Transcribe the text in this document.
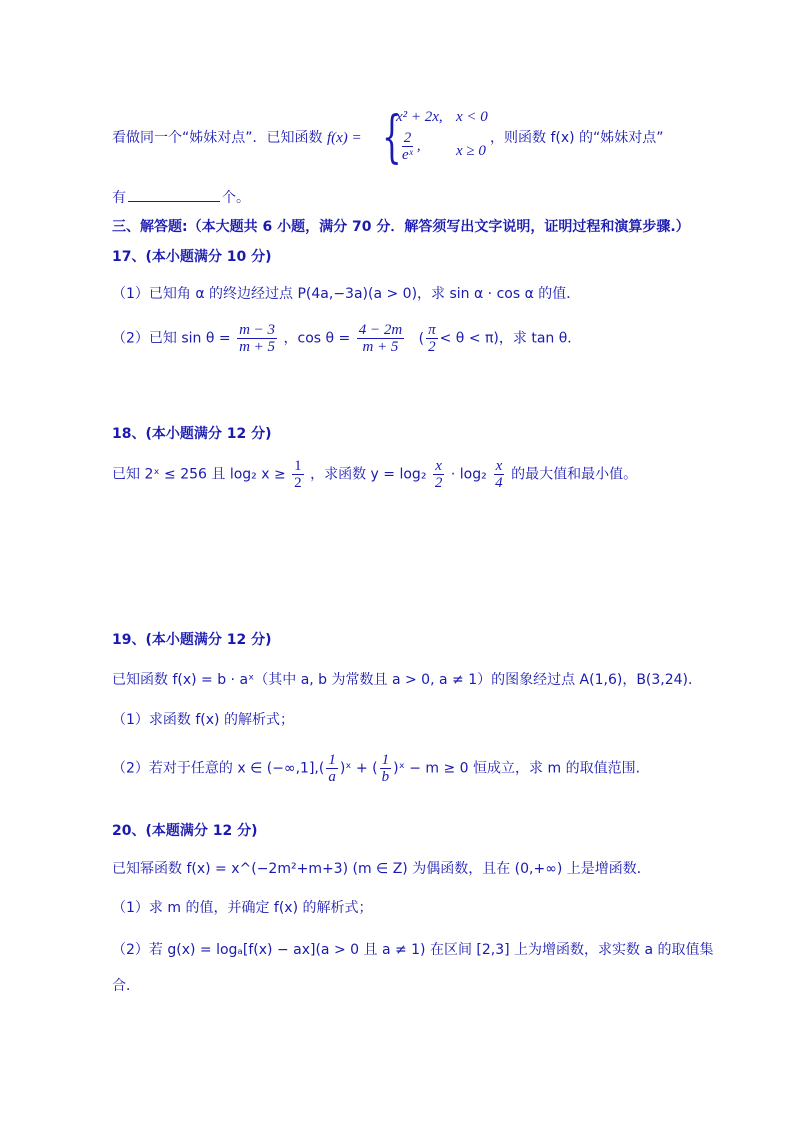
看做同一个“姊妹对点”．已知函数 f(x) = {
x² + 2x, x < 0
$\frac{2}{\text{eˣ}}$ , x ≥ 0
，则函数 f(x) 的“姊妹对点”
有	个。
三、解答题:（本大题共 6 小题，满分 70 分．解答须写出文字说明，证明过程和演算步骤.）
17、(本小题满分 10 分)
（1）已知角 α 的终边经过点 P(4a,−3a)(a > 0)，求 sin α · cos α 的值．
（2）已知 $\sin \theta = \frac{m - 3}{m + 5}$ ，$\cos \theta = \frac{4 - 2m}{m + 5}$ ( $\frac{\pi}{2} < \theta < \pi$)，求 tan θ．
18、(本小题满分 12 分)
已知 2ˣ ≤ 256 且 log₂ $x \ge \frac{1}{2}$ ，求函数 $y = \log_2 \frac{x}{2} \cdot \log_2 \frac{x}{4}$ 的最大值和最小值。
19、(本小题满分 12 分)
已知函数 f(x) = b · aˣ（其中 a, b 为常数且 a > 0, a ≠ 1）的图象经过点 A(1,6)，B(3,24)．
（1）求函数 f(x) 的解析式；
（2）若对于任意的 x ∈ $(-\infty,1],( \frac{1}{a}$ )ˣ + ( $\frac{1}{b}$ )ˣ − m ≥ 0 恒成立，求 m 的取值范围.
20、(本题满分 12 分)
已知幂函数 f(x) = x^(−2m²+m+3) (m ∈ Z) 为偶函数，且在 (0,+∞) 上是增函数．
（1）求 m 的值，并确定 f(x) 的解析式；
（2）若 g(x) = logₐ[f(x) − ax](a > 0 且 a ≠ 1) 在区间 [2,3] 上为增函数，求实数 a 的取值集
合．
